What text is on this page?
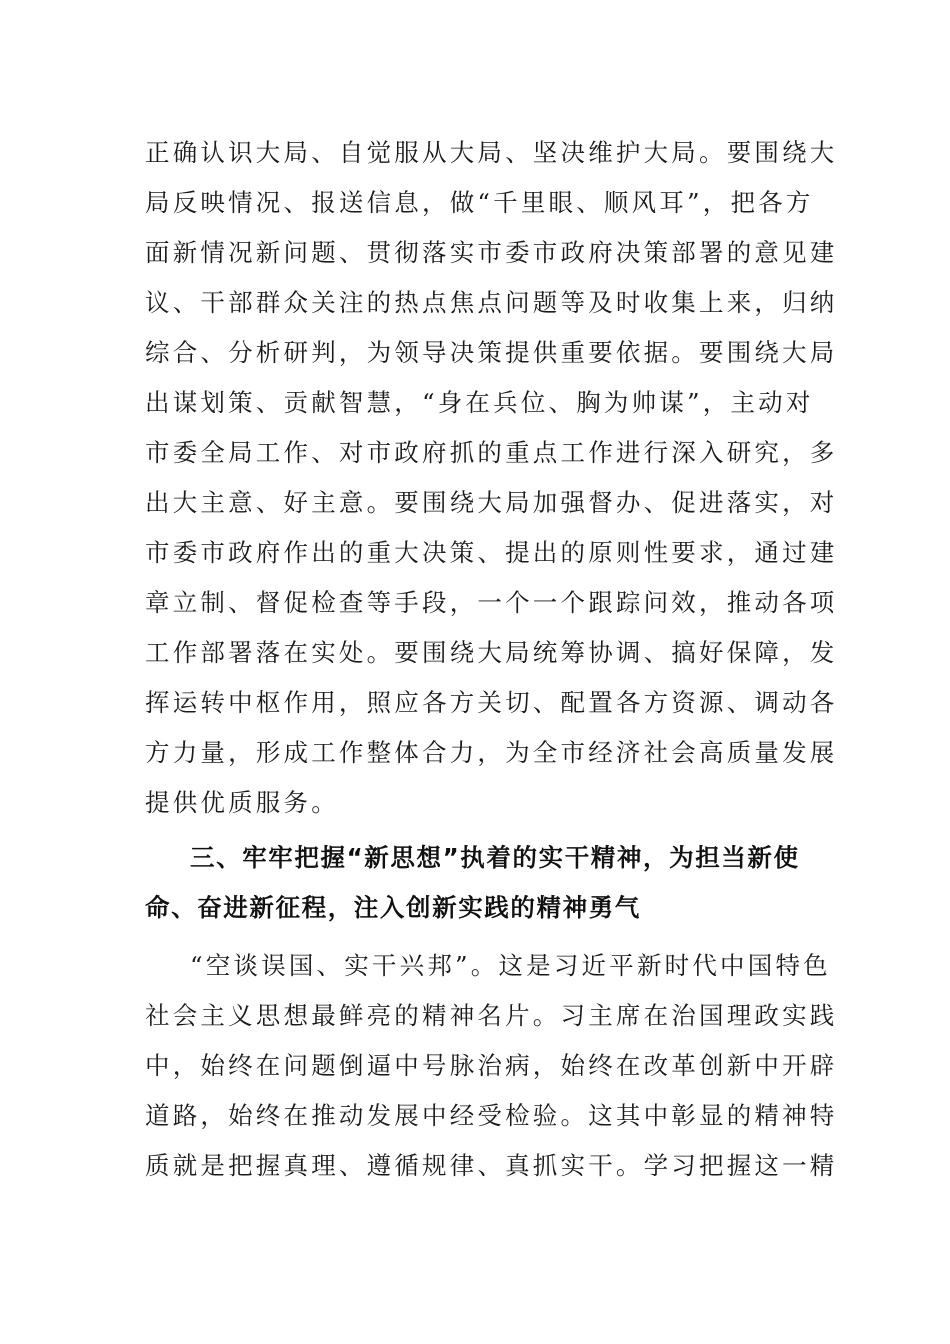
正确认识大局、自觉服从大局、坚决维护大局。要围绕大
局反映情况、报送信息，做“千里眼、顺风耳”，把各方
面新情况新问题、贯彻落实市委市政府决策部署的意见建
议、干部群众关注的热点焦点问题等及时收集上来，归纳
综合、分析研判，为领导决策提供重要依据。要围绕大局
出谋划策、贡献智慧，“身在兵位、胸为帅谋”，主动对
市委全局工作、对市政府抓的重点工作进行深入研究，多
出大主意、好主意。要围绕大局加强督办、促进落实，对
市委市政府作出的重大决策、提出的原则性要求，通过建
章立制、督促检查等手段，一个一个跟踪问效，推动各项
工作部署落在实处。要围绕大局统筹协调、搞好保障，发
挥运转中枢作用，照应各方关切、配置各方资源、调动各
方力量，形成工作整体合力，为全市经济社会高质量发展
提供优质服务。
三、牢牢把握“新思想”执着的实干精神，为担当新使
命、奋进新征程，注入创新实践的精神勇气
“空谈误国、实干兴邦”。这是习近平新时代中国特色
社会主义思想最鲜亮的精神名片。习主席在治国理政实践
中，始终在问题倒逼中号脉治病，始终在改革创新中开辟
道路，始终在推动发展中经受检验。这其中彰显的精神特
质就是把握真理、遵循规律、真抓实干。学习把握这一精
